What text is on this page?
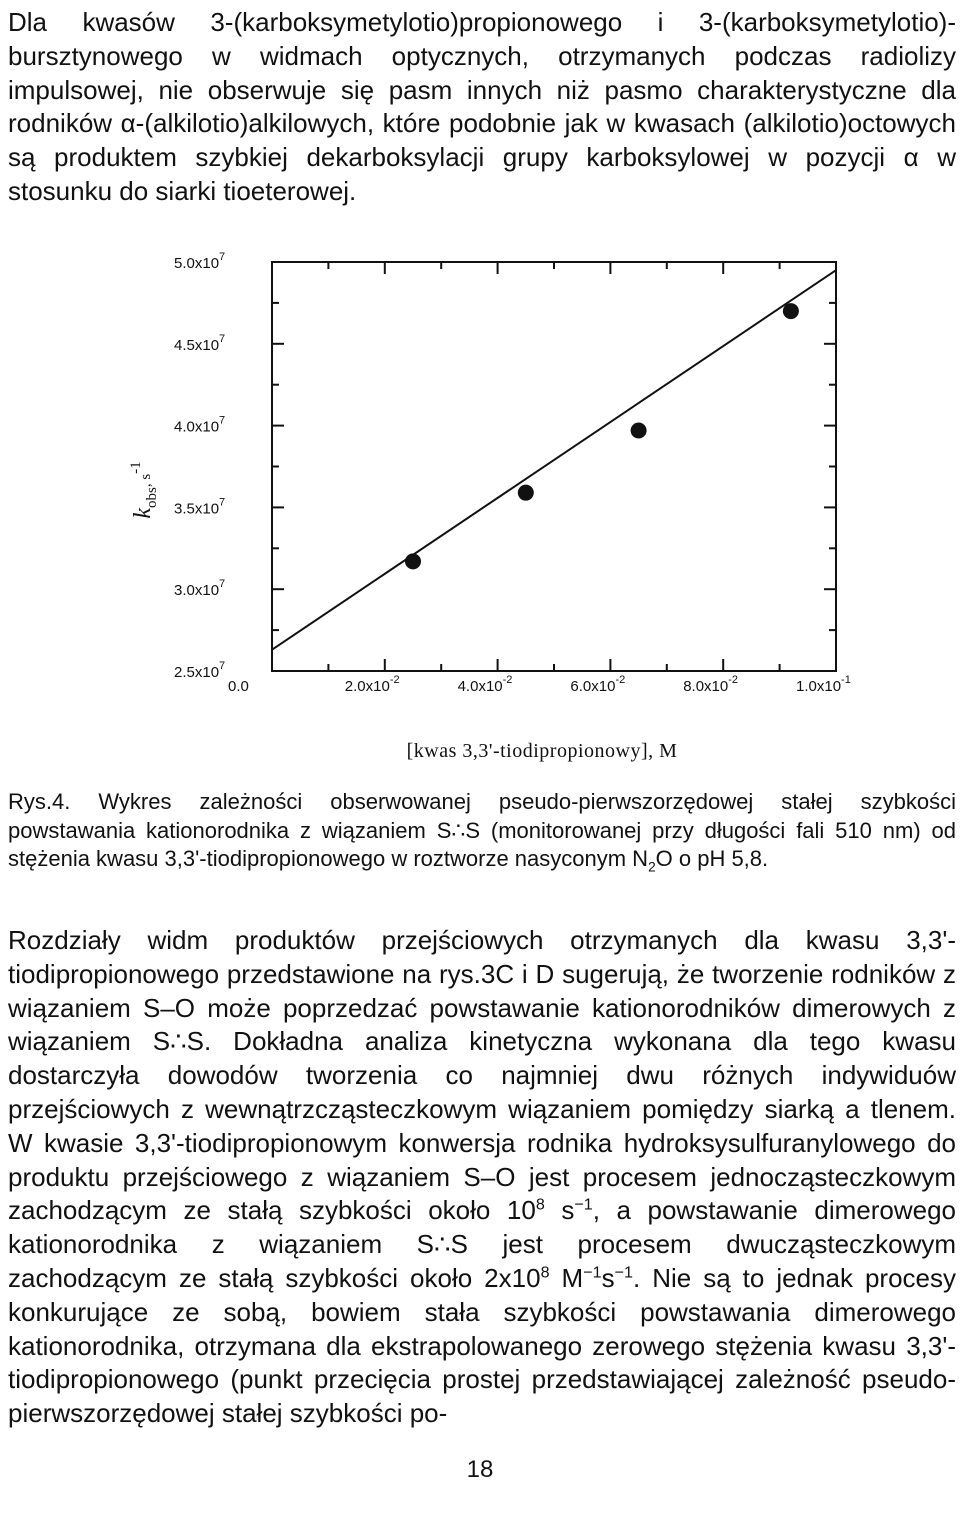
Dla kwasów 3-(karboksymetylotio)propionowego i 3-(karboksymetylotio)-bursztynowego w widmach optycznych, otrzymanych podczas radiolizy impulsowej, nie obserwuje się pasm innych niż pasmo charakterystyczne dla rodników α-(alkilotio)alkilowych, które podobnie jak w kwasach (alkilotio)octowych są produktem szybkiej dekarboksylacji grupy karboksylowej w pozycji α w stosunku do siarki tioeterowej.

$2.5x10^7$
$3.0x10^7$
$3.5x10^7$
$4.0x10^7$
$4.5x10^7$
$5.0x10^7$
0.0	$2.0x10^{-2}$	$4.0x10^{-2}$	$6.0x10^{-2}$	$8.0x10^{-2}$	$1.0x10^{-1}$
[kwas 3,3'-tiodipropionowy], M
kobs, s-1

Rys.4. Wykres zależności obserwowanej pseudo-pierwszorzędowej stałej szybkości powstawania kationorodnika z wiązaniem S∴S (monitorowanej przy długości fali 510 nm) od stężenia kwasu 3,3'-tiodipropionowego w roztworze nasyconym $N_2O$ o pH 5,8.

Rozdziały widm produktów przejściowych otrzymanych dla kwasu 3,3'-tiodipropionowego przedstawione na rys.3C i D sugerują, że tworzenie rodników z wiązaniem S–O może poprzedzać powstawanie kationorodników dimerowych z wiązaniem S∴S. Dokładna analiza kinetyczna wykonana dla tego kwasu dostarczyła dowodów tworzenia co najmniej dwu różnych indywiduów przejściowych z wewnątrzcząsteczkowym wiązaniem pomiędzy siarką a tlenem. W kwasie 3,3'-tiodipropionowym konwersja rodnika hydroksysulfuranylowego do produktu przejściowego z wiązaniem S–O jest procesem jednocząsteczkowym zachodzącym ze stałą szybkości około $10^8$ $s^{-1}$, a powstawanie dimerowego kationorodnika z wiązaniem S∴S jest procesem dwucząsteczkowym zachodzącym ze stałą szybkości około $2x10^8$ $M^{-1}s^{-1}$. Nie są to jednak procesy konkurujące ze sobą, bowiem stała szybkości powstawania dimerowego kationorodnika, otrzymana dla ekstrapolowanego zerowego stężenia kwasu 3,3'-tiodipropionowego (punkt przecięcia prostej przedstawiającej zależność pseudo-pierwszorzędowej stałej szybkości po-

18
